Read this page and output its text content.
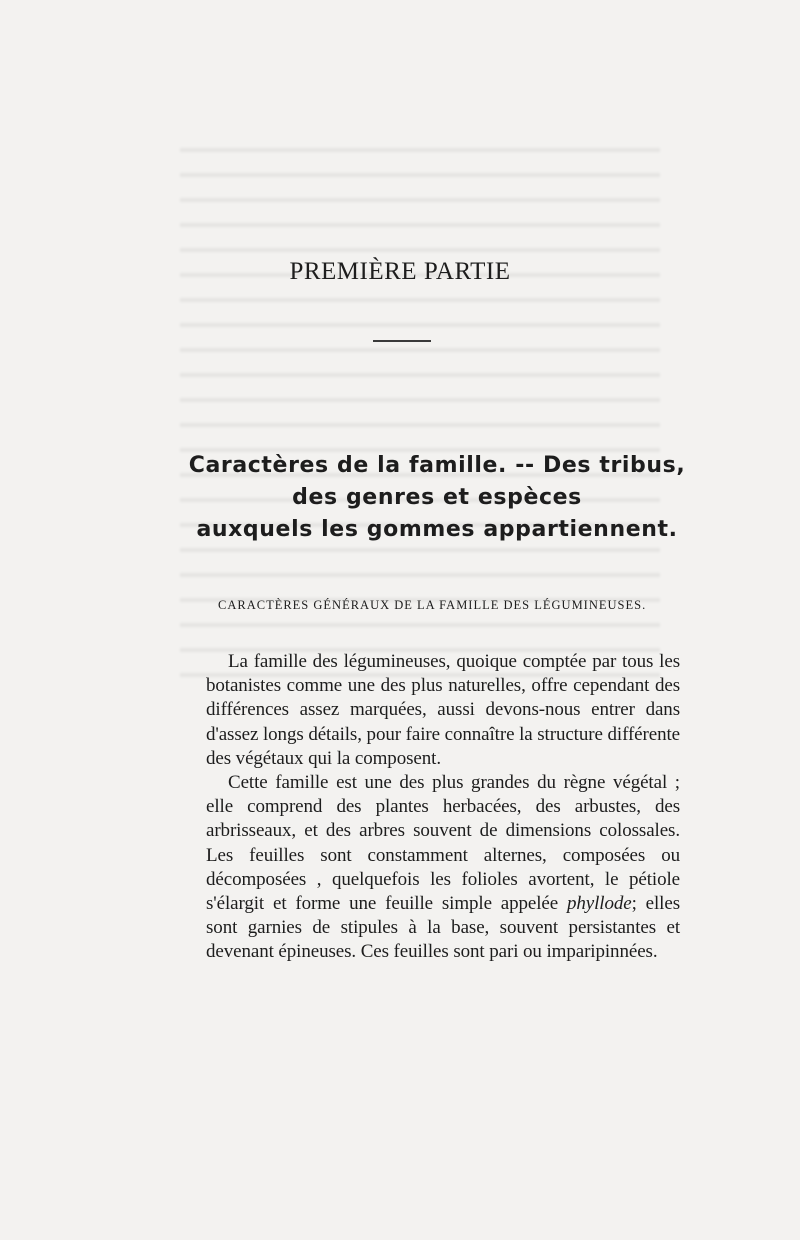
PREMIÈRE PARTIE
Caractères de la famille. -- Des tribus,
des genres et espèces
auxquels les gommes appartiennent.
CARACTÈRES GÉNÉRAUX DE LA FAMILLE DES LÉGUMINEUSES.

La famille des légumineuses, quoique comptée par tous les botanistes comme une des plus naturelles, offre cependant des différences assez marquées, aussi devons-nous entrer dans d'assez longs détails, pour faire connaître la structure différente des végétaux qui la composent.

Cette famille est une des plus grandes du règne végétal ; elle comprend des plantes herbacées, des arbustes, des arbrisseaux, et des arbres souvent de dimensions colossales. Les feuilles sont constamment alternes, composées ou décomposées , quelquefois les folioles avortent, le pétiole s'élargit et forme une feuille simple appelée phyllode; elles sont garnies de stipules à la base, souvent persistantes et devenant épineuses. Ces feuilles sont pari ou imparipinnées.
